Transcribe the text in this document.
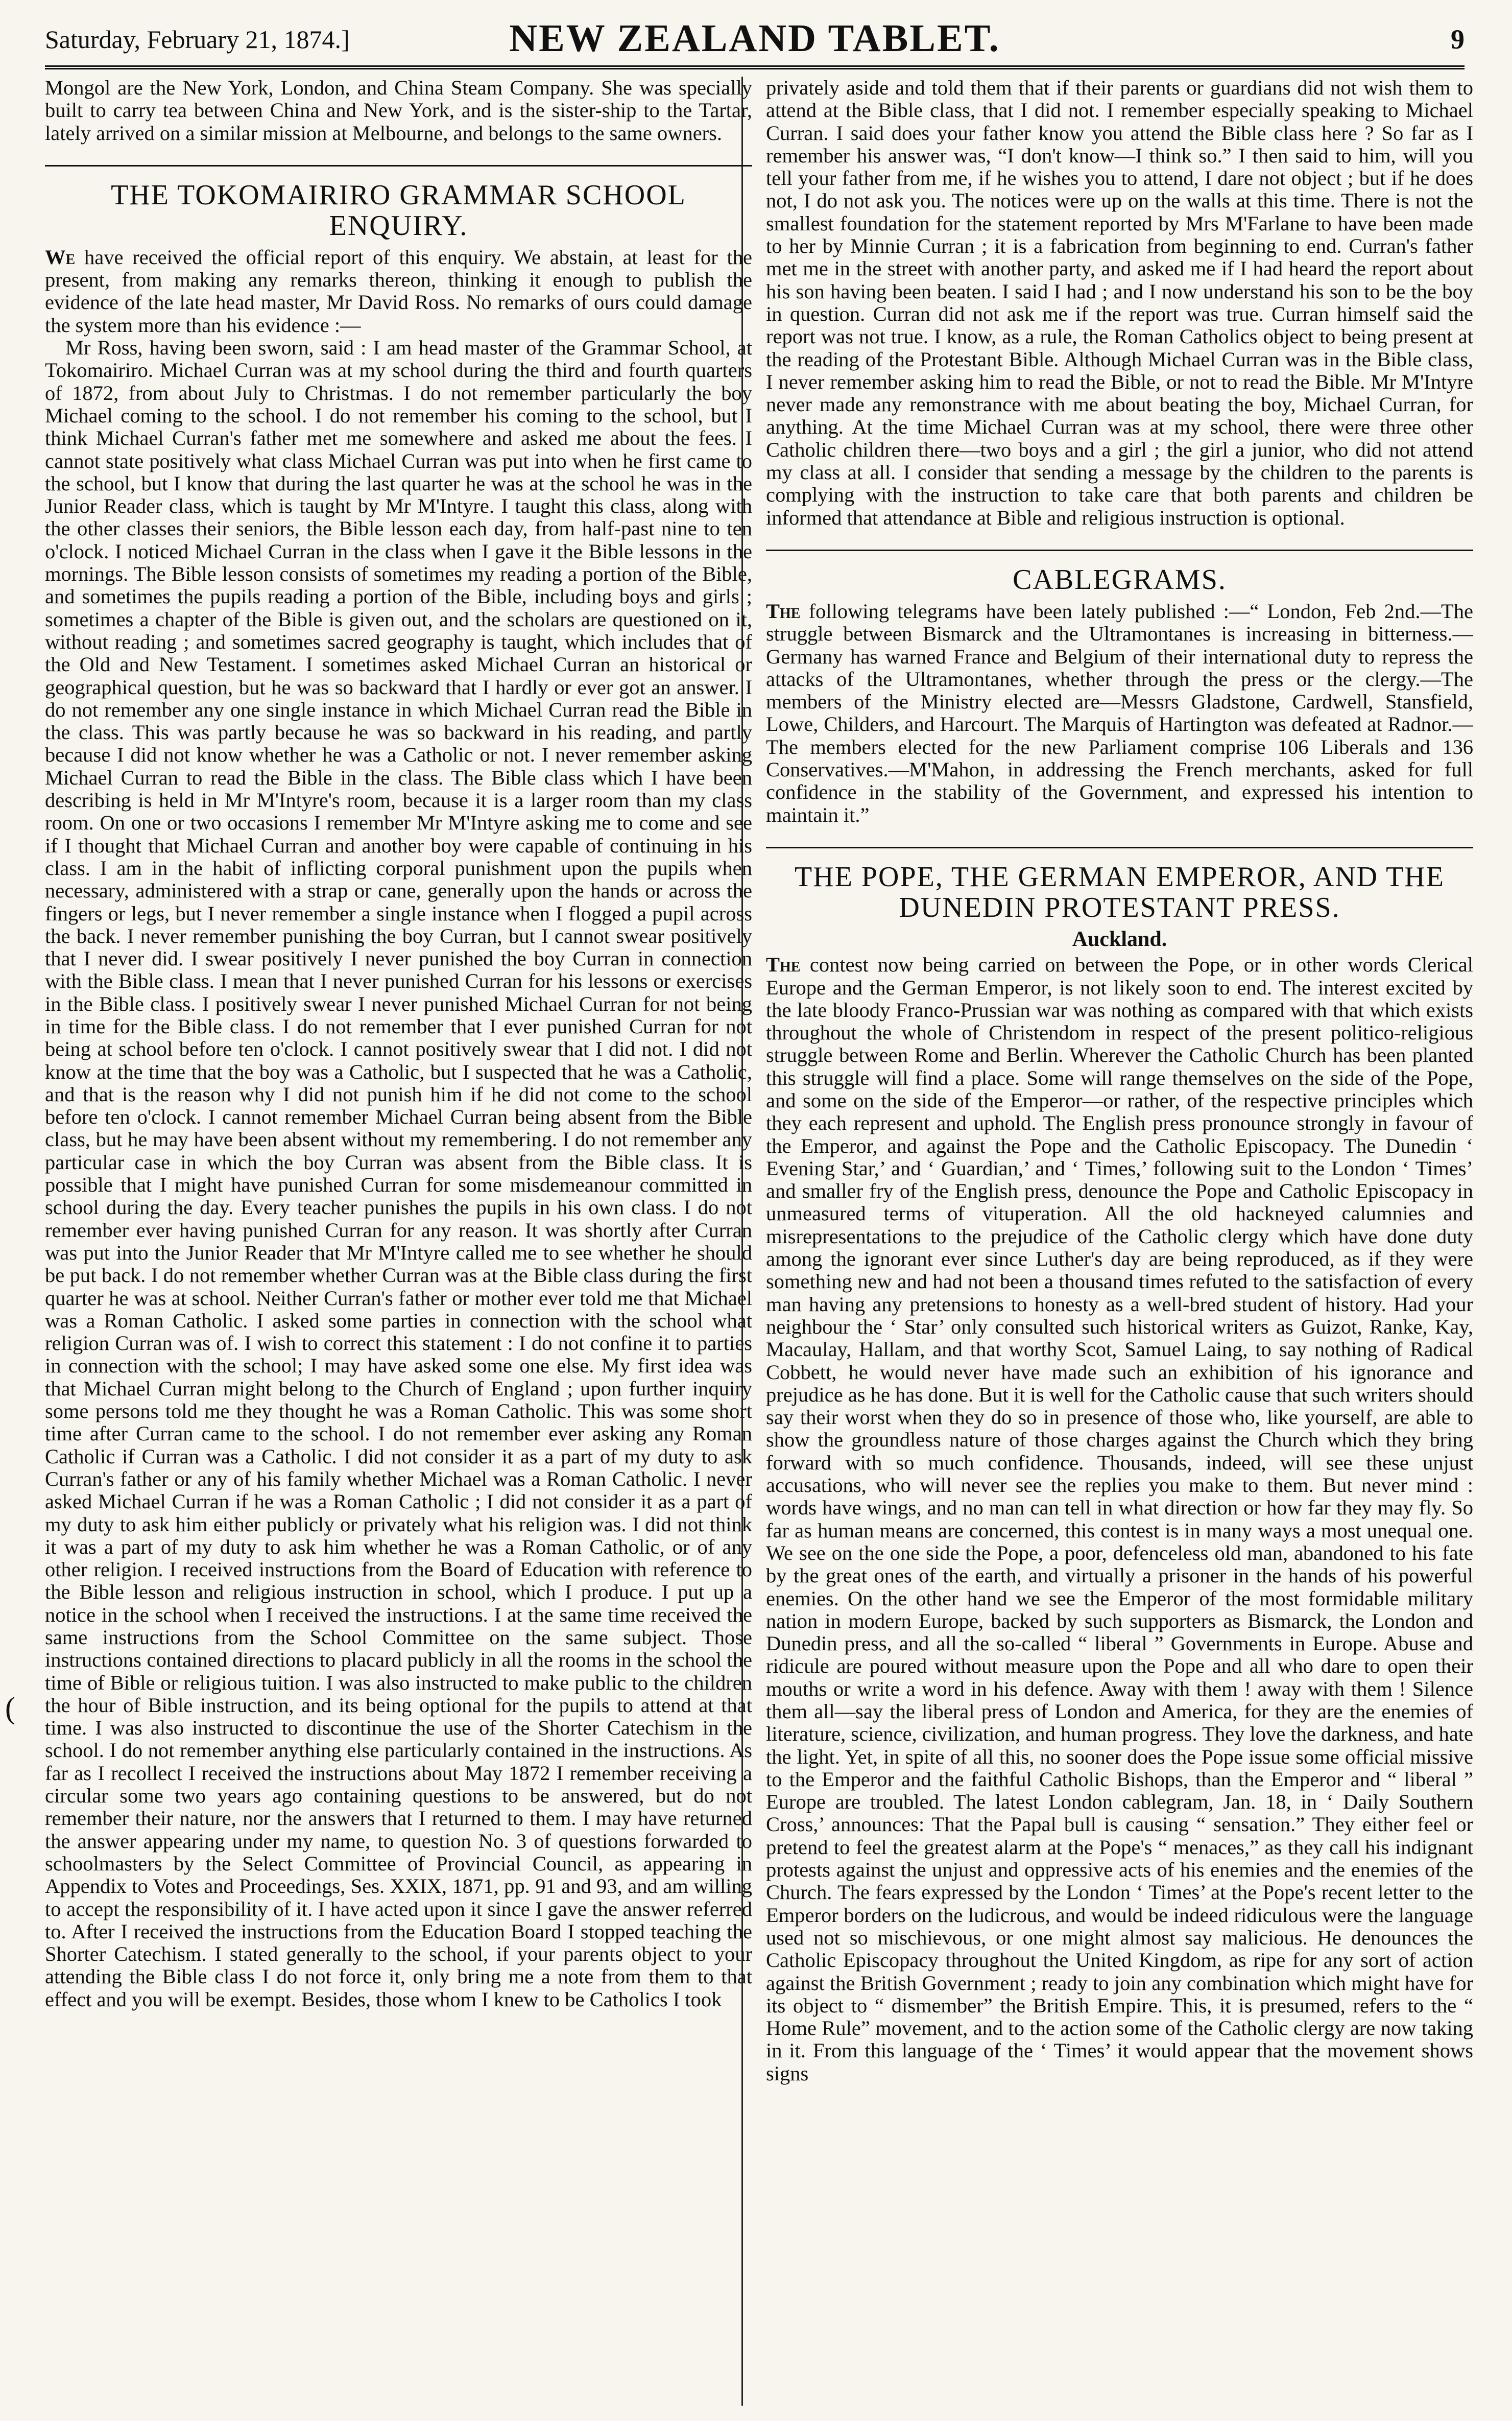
Saturday, February 21, 1874.]	NEW ZEALAND TABLET.	9
(

Mongol are the New York, London, and China Steam Company. She was specially built to carry tea between China and New York, and is the sister-ship to the Tartar, lately arrived on a similar mission at Melbourne, and belongs to the same owners.

THE TOKOMAIRIRO GRAMMAR SCHOOL ENQUIRY.

We have received the official report of this enquiry. We abstain, at least for the present, from making any remarks thereon, thinking it enough to publish the evidence of the late head master, Mr David Ross. No remarks of ours could damage the system more than his evidence :—

Mr Ross, having been sworn, said : I am head master of the Grammar School, at Tokomairiro. Michael Curran was at my school during the third and fourth quarters of 1872, from about July to Christmas. I do not remember particularly the boy Michael coming to the school. I do not remember his coming to the school, but I think Michael Curran's father met me somewhere and asked me about the fees. I cannot state positively what class Michael Curran was put into when he first came to the school, but I know that during the last quarter he was at the school he was in the Junior Reader class, which is taught by Mr M'Intyre. I taught this class, along with the other classes their seniors, the Bible lesson each day, from half-past nine to ten o'clock. I noticed Michael Curran in the class when I gave it the Bible lessons in the mornings. The Bible lesson consists of sometimes my reading a portion of the Bible, and sometimes the pupils reading a portion of the Bible, including boys and girls ; sometimes a chapter of the Bible is given out, and the scholars are questioned on it, without reading ; and sometimes sacred geography is taught, which includes that of the Old and New Testament. I sometimes asked Michael Curran an historical or geographical question, but he was so backward that I hardly or ever got an answer. I do not remember any one single instance in which Michael Curran read the Bible in the class. This was partly because he was so backward in his reading, and partly because I did not know whether he was a Catholic or not. I never remember asking Michael Curran to read the Bible in the class. The Bible class which I have been describing is held in Mr M'Intyre's room, because it is a larger room than my class room. On one or two occasions I remember Mr M'Intyre asking me to come and see if I thought that Michael Curran and another boy were capable of continuing in his class. I am in the habit of inflicting corporal punishment upon the pupils when necessary, administered with a strap or cane, generally upon the hands or across the fingers or legs, but I never remember a single instance when I flogged a pupil across the back. I never remember punishing the boy Curran, but I cannot swear positively that I never did. I swear positively I never punished the boy Curran in connection with the Bible class. I mean that I never punished Curran for his lessons or exercises in the Bible class. I positively swear I never punished Michael Curran for not being in time for the Bible class. I do not remember that I ever punished Curran for not being at school before ten o'clock. I cannot positively swear that I did not. I did not know at the time that the boy was a Catholic, but I suspected that he was a Catholic, and that is the reason why I did not punish him if he did not come to the school before ten o'clock. I cannot remember Michael Curran being absent from the Bible class, but he may have been absent without my remembering. I do not remember any particular case in which the boy Curran was absent from the Bible class. It is possible that I might have punished Curran for some misdemeanour committed in school during the day. Every teacher punishes the pupils in his own class. I do not remember ever having punished Curran for any reason. It was shortly after Curran was put into the Junior Reader that Mr M'Intyre called me to see whether he should be put back. I do not remember whether Curran was at the Bible class during the first quarter he was at school. Neither Curran's father or mother ever told me that Michael was a Roman Catholic. I asked some parties in connection with the school what religion Curran was of. I wish to correct this statement : I do not confine it to parties in connection with the school; I may have asked some one else. My first idea was that Michael Curran might belong to the Church of England ; upon further inquiry some persons told me they thought he was a Roman Catholic. This was some short time after Curran came to the school. I do not remember ever asking any Roman Catholic if Curran was a Catholic. I did not consider it as a part of my duty to ask Curran's father or any of his family whether Michael was a Roman Catholic. I never asked Michael Curran if he was a Roman Catholic ; I did not consider it as a part of my duty to ask him either publicly or privately what his religion was. I did not think it was a part of my duty to ask him whether he was a Roman Catholic, or of any other religion. I received instructions from the Board of Education with reference to the Bible lesson and religious instruction in school, which I produce. I put up a notice in the school when I received the instructions. I at the same time received the same instructions from the School Committee on the same subject. Those instructions contained directions to placard publicly in all the rooms in the school the time of Bible or religious tuition. I was also instructed to make public to the children the hour of Bible instruction, and its being optional for the pupils to attend at that time. I was also instructed to discontinue the use of the Shorter Catechism in the school. I do not remember anything else particularly contained in the instructions. As far as I recollect I received the instructions about May 1872 I remember receiving a circular some two years ago containing questions to be answered, but do not remember their nature, nor the answers that I returned to them. I may have returned the answer appearing under my name, to question No. 3 of questions forwarded to schoolmasters by the Select Committee of Provincial Council, as appearing in Appendix to Votes and Proceedings, Ses. XXIX, 1871, pp. 91 and 93, and am willing to accept the responsibility of it. I have acted upon it since I gave the answer referred to. After I received the instructions from the Education Board I stopped teaching the Shorter Catechism. I stated generally to the school, if your parents object to your attending the Bible class I do not force it, only bring me a note from them to that effect and you will be exempt. Besides, those whom I knew to be Catholics I took

privately aside and told them that if their parents or guardians did not wish them to attend at the Bible class, that I did not. I remember especially speaking to Michael Curran. I said does your father know you attend the Bible class here ? So far as I remember his answer was, “I don't know—I think so.” I then said to him, will you tell your father from me, if he wishes you to attend, I dare not object ; but if he does not, I do not ask you. The notices were up on the walls at this time. There is not the smallest foundation for the statement reported by Mrs M'Farlane to have been made to her by Minnie Curran ; it is a fabrication from beginning to end. Curran's father met me in the street with another party, and asked me if I had heard the report about his son having been beaten. I said I had ; and I now understand his son to be the boy in question. Curran did not ask me if the report was true. Curran himself said the report was not true. I know, as a rule, the Roman Catholics object to being present at the reading of the Protestant Bible. Although Michael Curran was in the Bible class, I never remember asking him to read the Bible, or not to read the Bible. Mr M'Intyre never made any remonstrance with me about beating the boy, Michael Curran, for anything. At the time Michael Curran was at my school, there were three other Catholic children there—two boys and a girl ; the girl a junior, who did not attend my class at all. I consider that sending a message by the children to the parents is complying with the instruction to take care that both parents and children be informed that attendance at Bible and religious instruction is optional.

CABLEGRAMS.

The following telegrams have been lately published :—“ London, Feb 2nd.—The struggle between Bismarck and the Ultramontanes is increasing in bitterness.—Germany has warned France and Belgium of their international duty to repress the attacks of the Ultramontanes, whether through the press or the clergy.—The members of the Ministry elected are—Messrs Gladstone, Cardwell, Stansfield, Lowe, Childers, and Harcourt. The Marquis of Hartington was defeated at Radnor.—The members elected for the new Parliament comprise 106 Liberals and 136 Conservatives.—M'Mahon, in addressing the French merchants, asked for full confidence in the stability of the Government, and expressed his intention to maintain it.”

THE POPE, THE GERMAN EMPEROR, AND THE DUNEDIN PROTESTANT PRESS.
Auckland.

The contest now being carried on between the Pope, or in other words Clerical Europe and the German Emperor, is not likely soon to end. The interest excited by the late bloody Franco-Prussian war was nothing as compared with that which exists throughout the whole of Christendom in respect of the present politico-religious struggle between Rome and Berlin. Wherever the Catholic Church has been planted this struggle will find a place. Some will range themselves on the side of the Pope, and some on the side of the Emperor—or rather, of the respective principles which they each represent and uphold. The English press pronounce strongly in favour of the Emperor, and against the Pope and the Catholic Episcopacy. The Dunedin ‘ Evening Star,’ and ‘ Guardian,’ and ‘ Times,’ following suit to the London ‘ Times’ and smaller fry of the English press, denounce the Pope and Catholic Episcopacy in unmeasured terms of vituperation. All the old hackneyed calumnies and misrepresentations to the prejudice of the Catholic clergy which have done duty among the ignorant ever since Luther's day are being reproduced, as if they were something new and had not been a thousand times refuted to the satisfaction of every man having any pretensions to honesty as a well-bred student of history. Had your neighbour the ‘ Star’ only consulted such historical writers as Guizot, Ranke, Kay, Macaulay, Hallam, and that worthy Scot, Samuel Laing, to say nothing of Radical Cobbett, he would never have made such an exhibition of his ignorance and prejudice as he has done. But it is well for the Catholic cause that such writers should say their worst when they do so in presence of those who, like yourself, are able to show the groundless nature of those charges against the Church which they bring forward with so much confidence. Thousands, indeed, will see these unjust accusations, who will never see the replies you make to them. But never mind : words have wings, and no man can tell in what direction or how far they may fly. So far as human means are concerned, this contest is in many ways a most unequal one. We see on the one side the Pope, a poor, defenceless old man, abandoned to his fate by the great ones of the earth, and virtually a prisoner in the hands of his powerful enemies. On the other hand we see the Emperor of the most formidable military nation in modern Europe, backed by such supporters as Bismarck, the London and Dunedin press, and all the so-called “ liberal ” Governments in Europe. Abuse and ridicule are poured without measure upon the Pope and all who dare to open their mouths or write a word in his defence. Away with them ! away with them ! Silence them all—say the liberal press of London and America, for they are the enemies of literature, science, civilization, and human progress. They love the darkness, and hate the light. Yet, in spite of all this, no sooner does the Pope issue some official missive to the Emperor and the faithful Catholic Bishops, than the Emperor and “ liberal ” Europe are troubled. The latest London cablegram, Jan. 18, in ‘ Daily Southern Cross,’ announces: That the Papal bull is causing “ sensation.” They either feel or pretend to feel the greatest alarm at the Pope's “ menaces,” as they call his indignant protests against the unjust and oppressive acts of his enemies and the enemies of the Church. The fears expressed by the London ‘ Times’ at the Pope's recent letter to the Emperor borders on the ludicrous, and would be indeed ridiculous were the language used not so mischievous, or one might almost say malicious. He denounces the Catholic Episcopacy throughout the United Kingdom, as ripe for any sort of action against the British Government ; ready to join any combination which might have for its object to “ dismember” the British Empire. This, it is presumed, refers to the “ Home Rule” movement, and to the action some of the Catholic clergy are now taking in it. From this language of the ‘ Times’ it would appear that the movement shows signs
